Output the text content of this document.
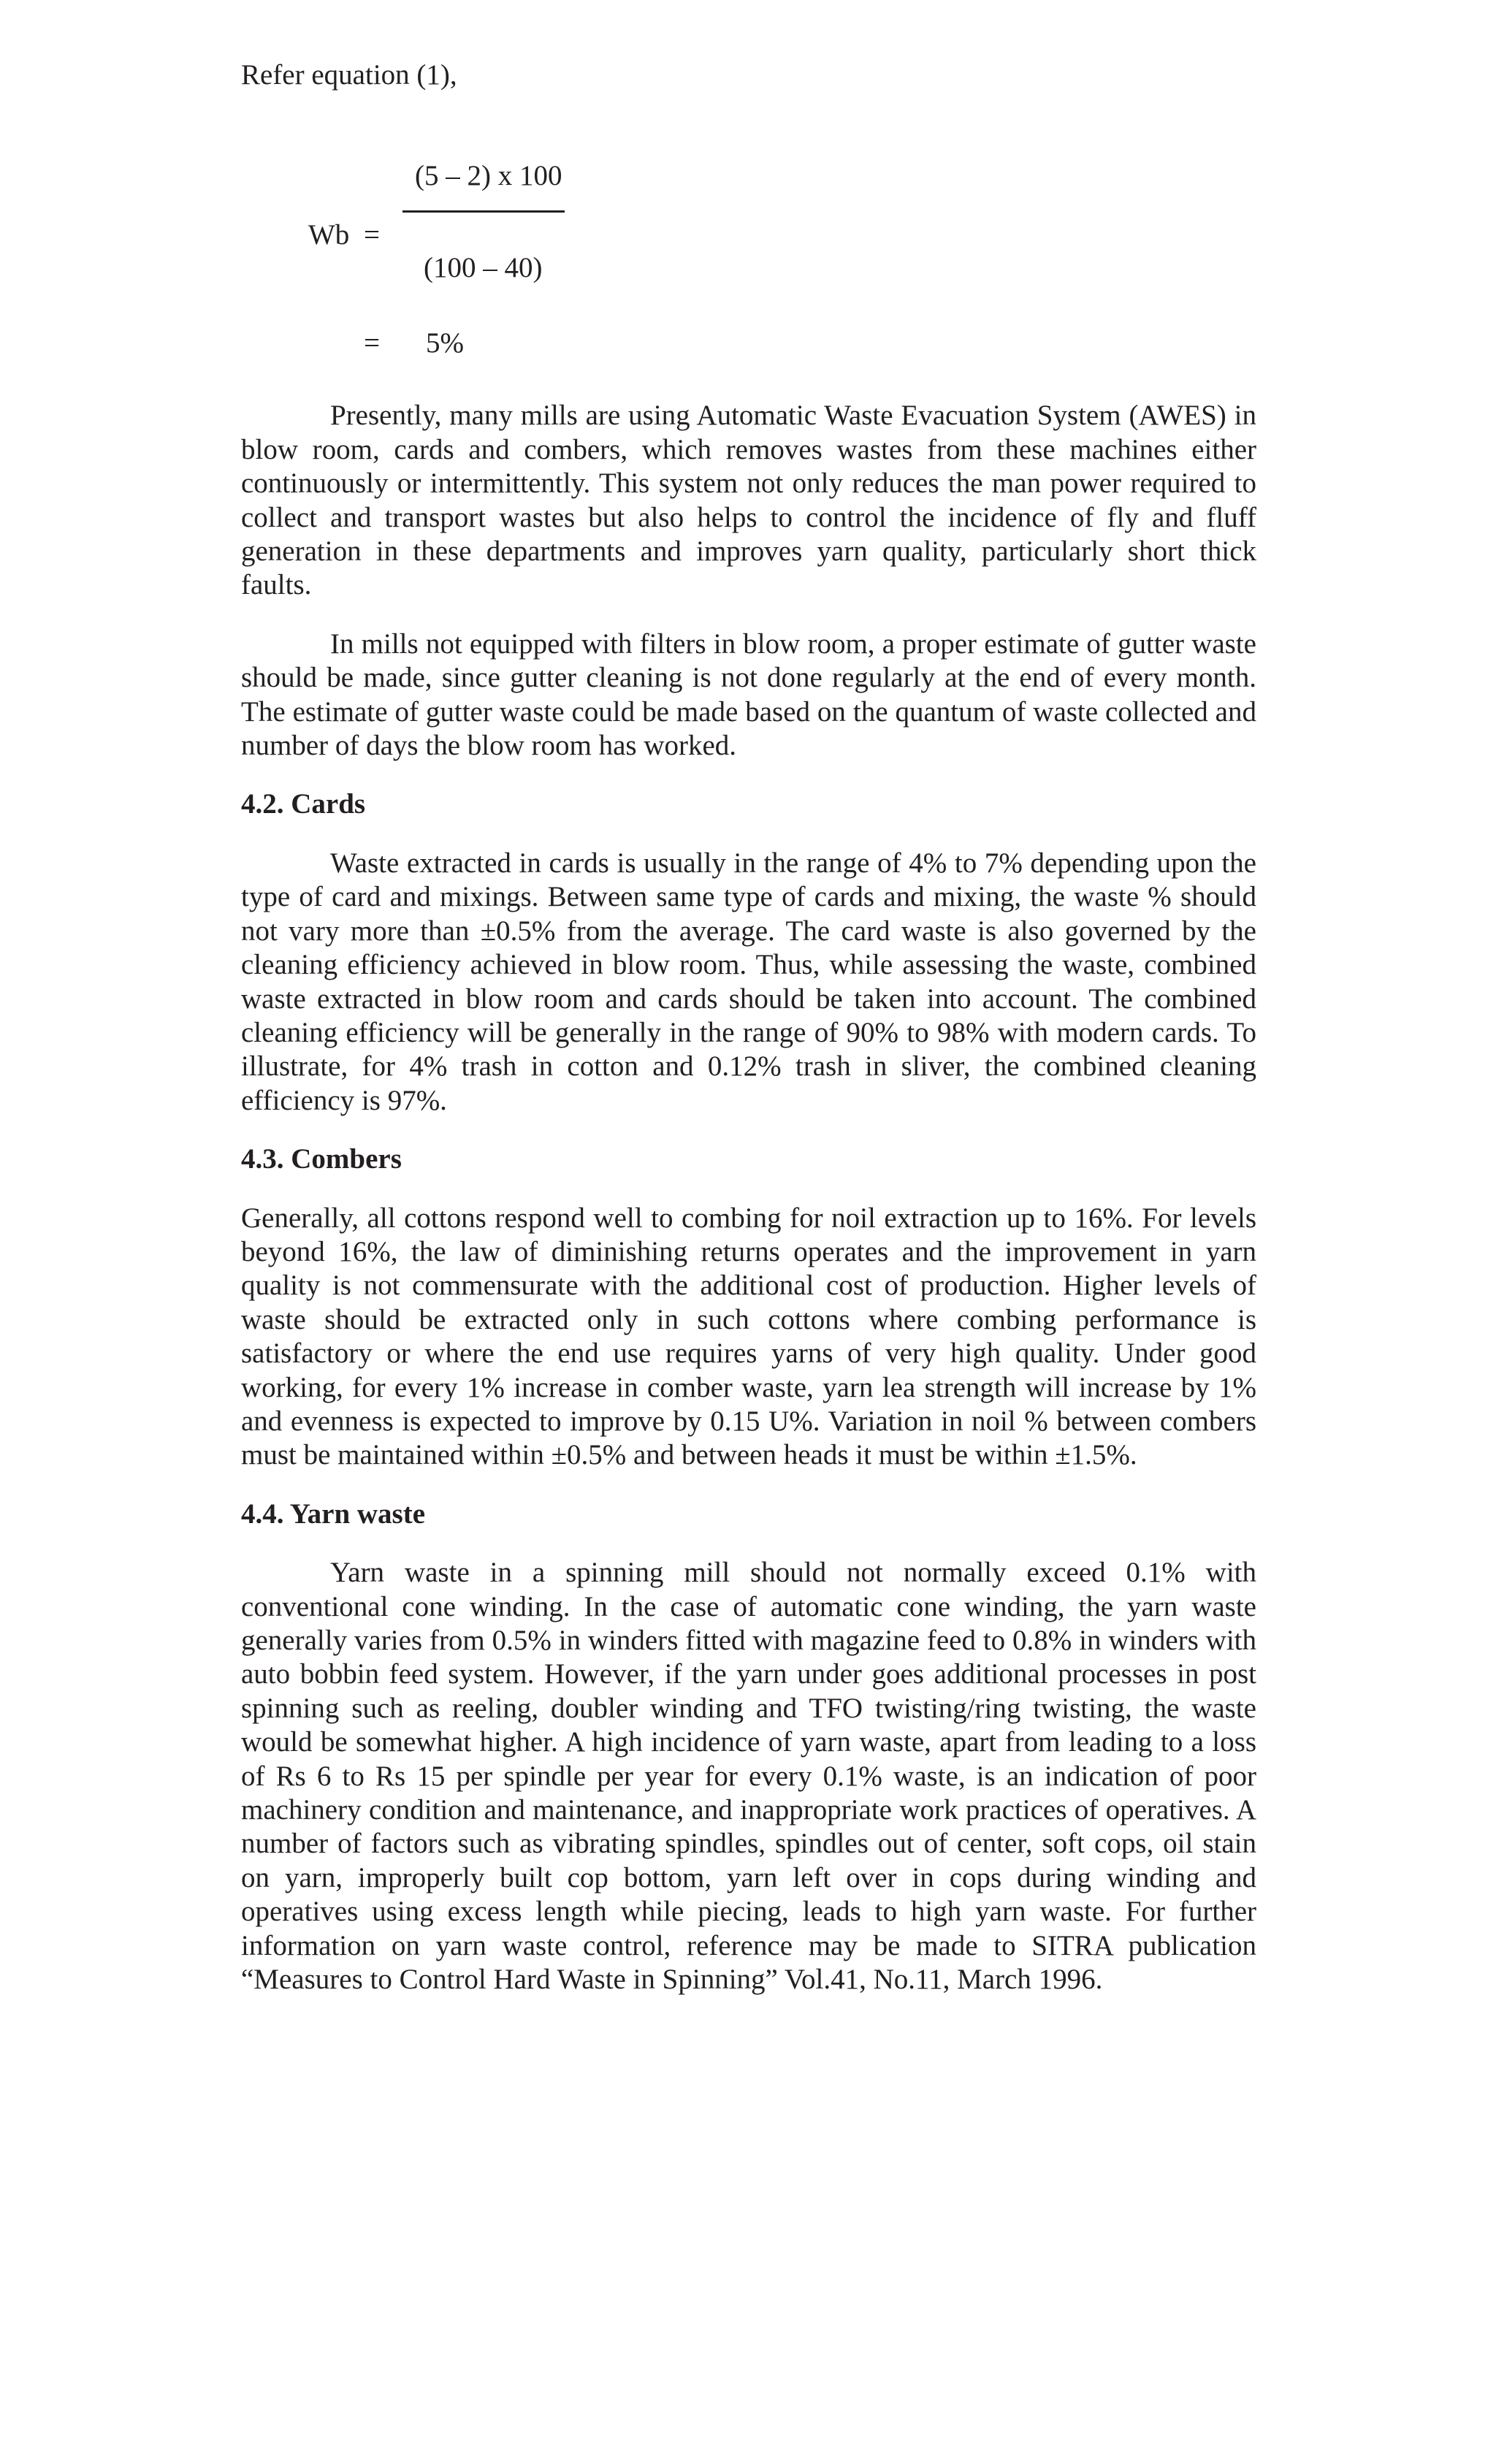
Refer equation (1),

Wb =
(5 – 2) x 100
(100 – 40)
= 5%

Presently, many mills are using Automatic Waste Evacuation System (AWES) in blow room, cards and combers, which removes wastes from these machines either continuously or intermittently. This system not only reduces the man power required to collect and transport wastes but also helps to control the incidence of fly and fluff generation in these departments and improves yarn quality, particularly short thick faults.

In mills not equipped with filters in blow room, a proper estimate of gutter waste should be made, since gutter cleaning is not done regularly at the end of every month. The estimate of gutter waste could be made based on the quantum of waste collected and number of days the blow room has worked.

4.2. Cards

Waste extracted in cards is usually in the range of 4% to 7% depending upon the type of card and mixings. Between same type of cards and mixing, the waste % should not vary more than ±0.5% from the average. The card waste is also governed by the cleaning efficiency achieved in blow room. Thus, while assessing the waste, combined waste extracted in blow room and cards should be taken into account. The combined cleaning efficiency will be generally in the range of 90% to 98% with modern cards. To illustrate, for 4% trash in cotton and 0.12% trash in sliver, the combined cleaning efficiency is 97%.

4.3. Combers

Generally, all cottons respond well to combing for noil extraction up to 16%. For levels beyond 16%, the law of diminishing returns operates and the improvement in yarn quality is not commensurate with the additional cost of production. Higher levels of waste should be extracted only in such cottons where combing performance is satisfactory or where the end use requires yarns of very high quality. Under good working, for every 1% increase in comber waste, yarn lea strength will increase by 1% and evenness is expected to improve by 0.15 U%. Variation in noil % between combers must be maintained within ±0.5% and between heads it must be within ±1.5%.

4.4. Yarn waste

Yarn waste in a spinning mill should not normally exceed 0.1% with conventional cone winding. In the case of automatic cone winding, the yarn waste generally varies from 0.5% in winders fitted with magazine feed to 0.8% in winders with auto bobbin feed system. However, if the yarn under goes additional processes in post spinning such as reeling, doubler winding and TFO twisting/ring twisting, the waste would be somewhat higher. A high incidence of yarn waste, apart from leading to a loss of Rs 6 to Rs 15 per spindle per year for every 0.1% waste, is an indication of poor machinery condition and maintenance, and inappropriate work practices of operatives. A number of factors such as vibrating spindles, spindles out of center, soft cops, oil stain on yarn, improperly built cop bottom, yarn left over in cops during winding and operatives using excess length while piecing, leads to high yarn waste. For further information on yarn waste control, reference may be made to SITRA publication “Measures to Control Hard Waste in Spinning” Vol.41, No.11, March 1996.
